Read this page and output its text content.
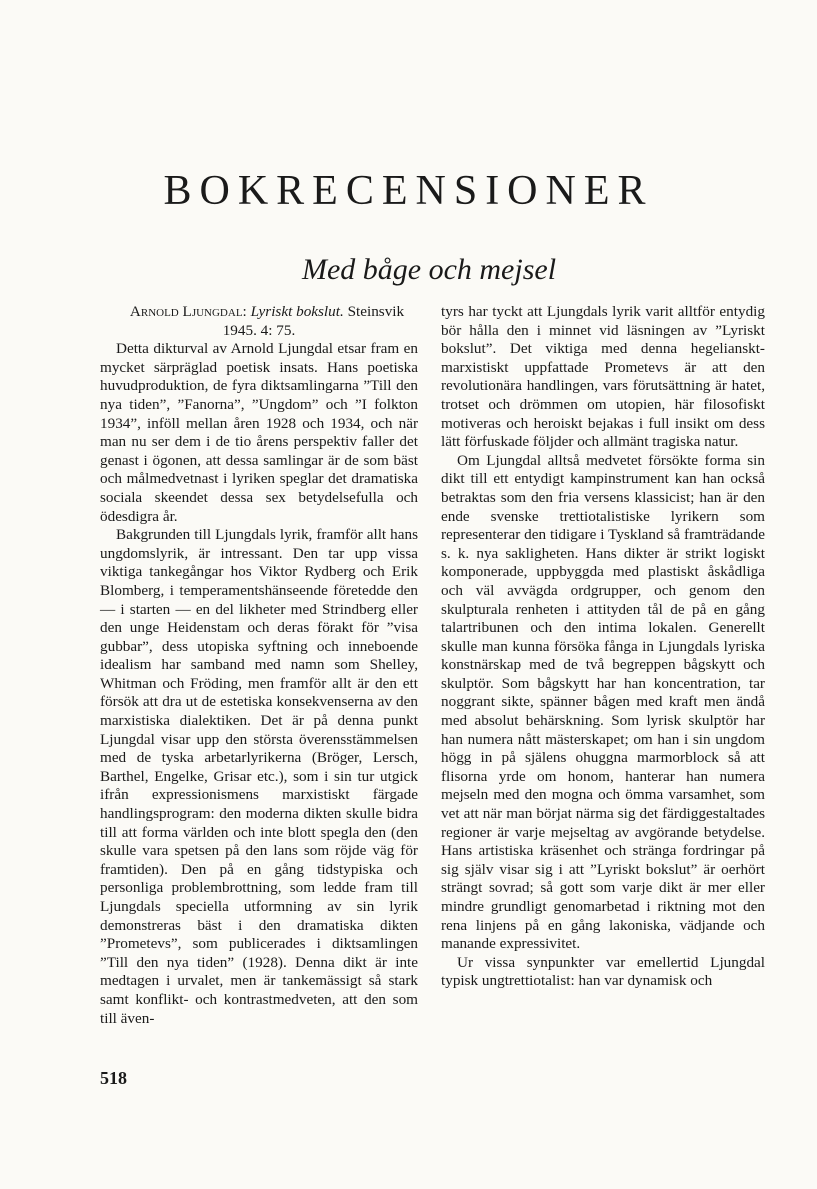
BOKRECENSIONER
Med båge och mejsel

Arnold Ljungdal: Lyriskt bokslut. Steinsvik 1945. 4: 75.

Detta dikturval av Arnold Ljungdal etsar fram en mycket särpräglad poetisk insats. Hans poetiska huvudproduktion, de fyra diktsamlingarna ”Till den nya tiden”, ”Fanorna”, ”Ungdom” och ”I folkton 1934”, inföll mellan åren 1928 och 1934, och när man nu ser dem i de tio årens perspektiv faller det genast i ögonen, att dessa samlingar är de som bäst och målmedvetnast i lyriken speglar det dramatiska sociala skeendet dessa sex betydelsefulla och ödesdigra år.

Bakgrunden till Ljungdals lyrik, framför allt hans ungdomslyrik, är intressant. Den tar upp vissa viktiga tankegångar hos Viktor Rydberg och Erik Blomberg, i temperamentshänseende företedde den — i starten — en del likheter med Strindberg eller den unge Heidenstam och deras förakt för ”visa gubbar”, dess utopiska syftning och inneboende idealism har samband med namn som Shelley, Whitman och Fröding, men framför allt är den ett försök att dra ut de estetiska konsekvenserna av den marxistiska dialektiken. Det är på denna punkt Ljungdal visar upp den största överensstämmelsen med de tyska arbetarlyrikerna (Bröger, Lersch, Barthel, Engelke, Grisar etc.), som i sin tur utgick ifrån expressionismens marxistiskt färgade handlingsprogram: den moderna dikten skulle bidra till att forma världen och inte blott spegla den (den skulle vara spetsen på den lans som röjde väg för framtiden). Den på en gång tidstypiska och personliga problembrottning, som ledde fram till Ljungdals speciella utformning av sin lyrik demonstreras bäst i den dramatiska dikten ”Prometevs”, som publicerades i diktsamlingen ”Till den nya tiden” (1928). Denna dikt är inte medtagen i urvalet, men är tankemässigt så stark samt konflikt- och kontrastmedveten, att den som till även-

tyrs har tyckt att Ljungdals lyrik varit alltför entydig bör hålla den i minnet vid läsningen av ”Lyriskt bokslut”. Det viktiga med denna hegelianskt-marxistiskt uppfattade Prometevs är att den revolutionära handlingen, vars förutsättning är hatet, trotset och drömmen om utopien, här filosofiskt motiveras och heroiskt bejakas i full insikt om dess lätt förfuskade följder och allmänt tragiska natur.

Om Ljungdal alltså medvetet försökte forma sin dikt till ett entydigt kampinstrument kan han också betraktas som den fria versens klassicist; han är den ende svenske trettiotalistiske lyrikern som representerar den tidigare i Tyskland så framträdande s. k. nya sakligheten. Hans dikter är strikt logiskt komponerade, uppbyggda med plastiskt åskådliga och väl avvägda ordgrupper, och genom den skulpturala renheten i attityden tål de på en gång talartribunen och den intima lokalen. Generellt skulle man kunna försöka fånga in Ljungdals lyriska konstnärskap med de två begreppen bågskytt och skulptör. Som bågskytt har han koncentration, tar noggrant sikte, spänner bågen med kraft men ändå med absolut behärskning. Som lyrisk skulptör har han numera nått mästerskapet; om han i sin ungdom högg in på själens ohuggna marmorblock så att flisorna yrde om honom, hanterar han numera mejseln med den mogna och ömma varsamhet, som vet att när man börjat närma sig det färdiggestaltades regioner är varje mejseltag av avgörande betydelse. Hans artistiska kräsenhet och stränga fordringar på sig själv visar sig i att ”Lyriskt bokslut” är oerhört strängt sovrad; så gott som varje dikt är mer eller mindre grundligt genomarbetad i riktning mot den rena linjens på en gång lakoniska, vädjande och manande expressivitet.

Ur vissa synpunkter var emellertid Ljungdal typisk ungtrettiotalist: han var dynamisk och

518
